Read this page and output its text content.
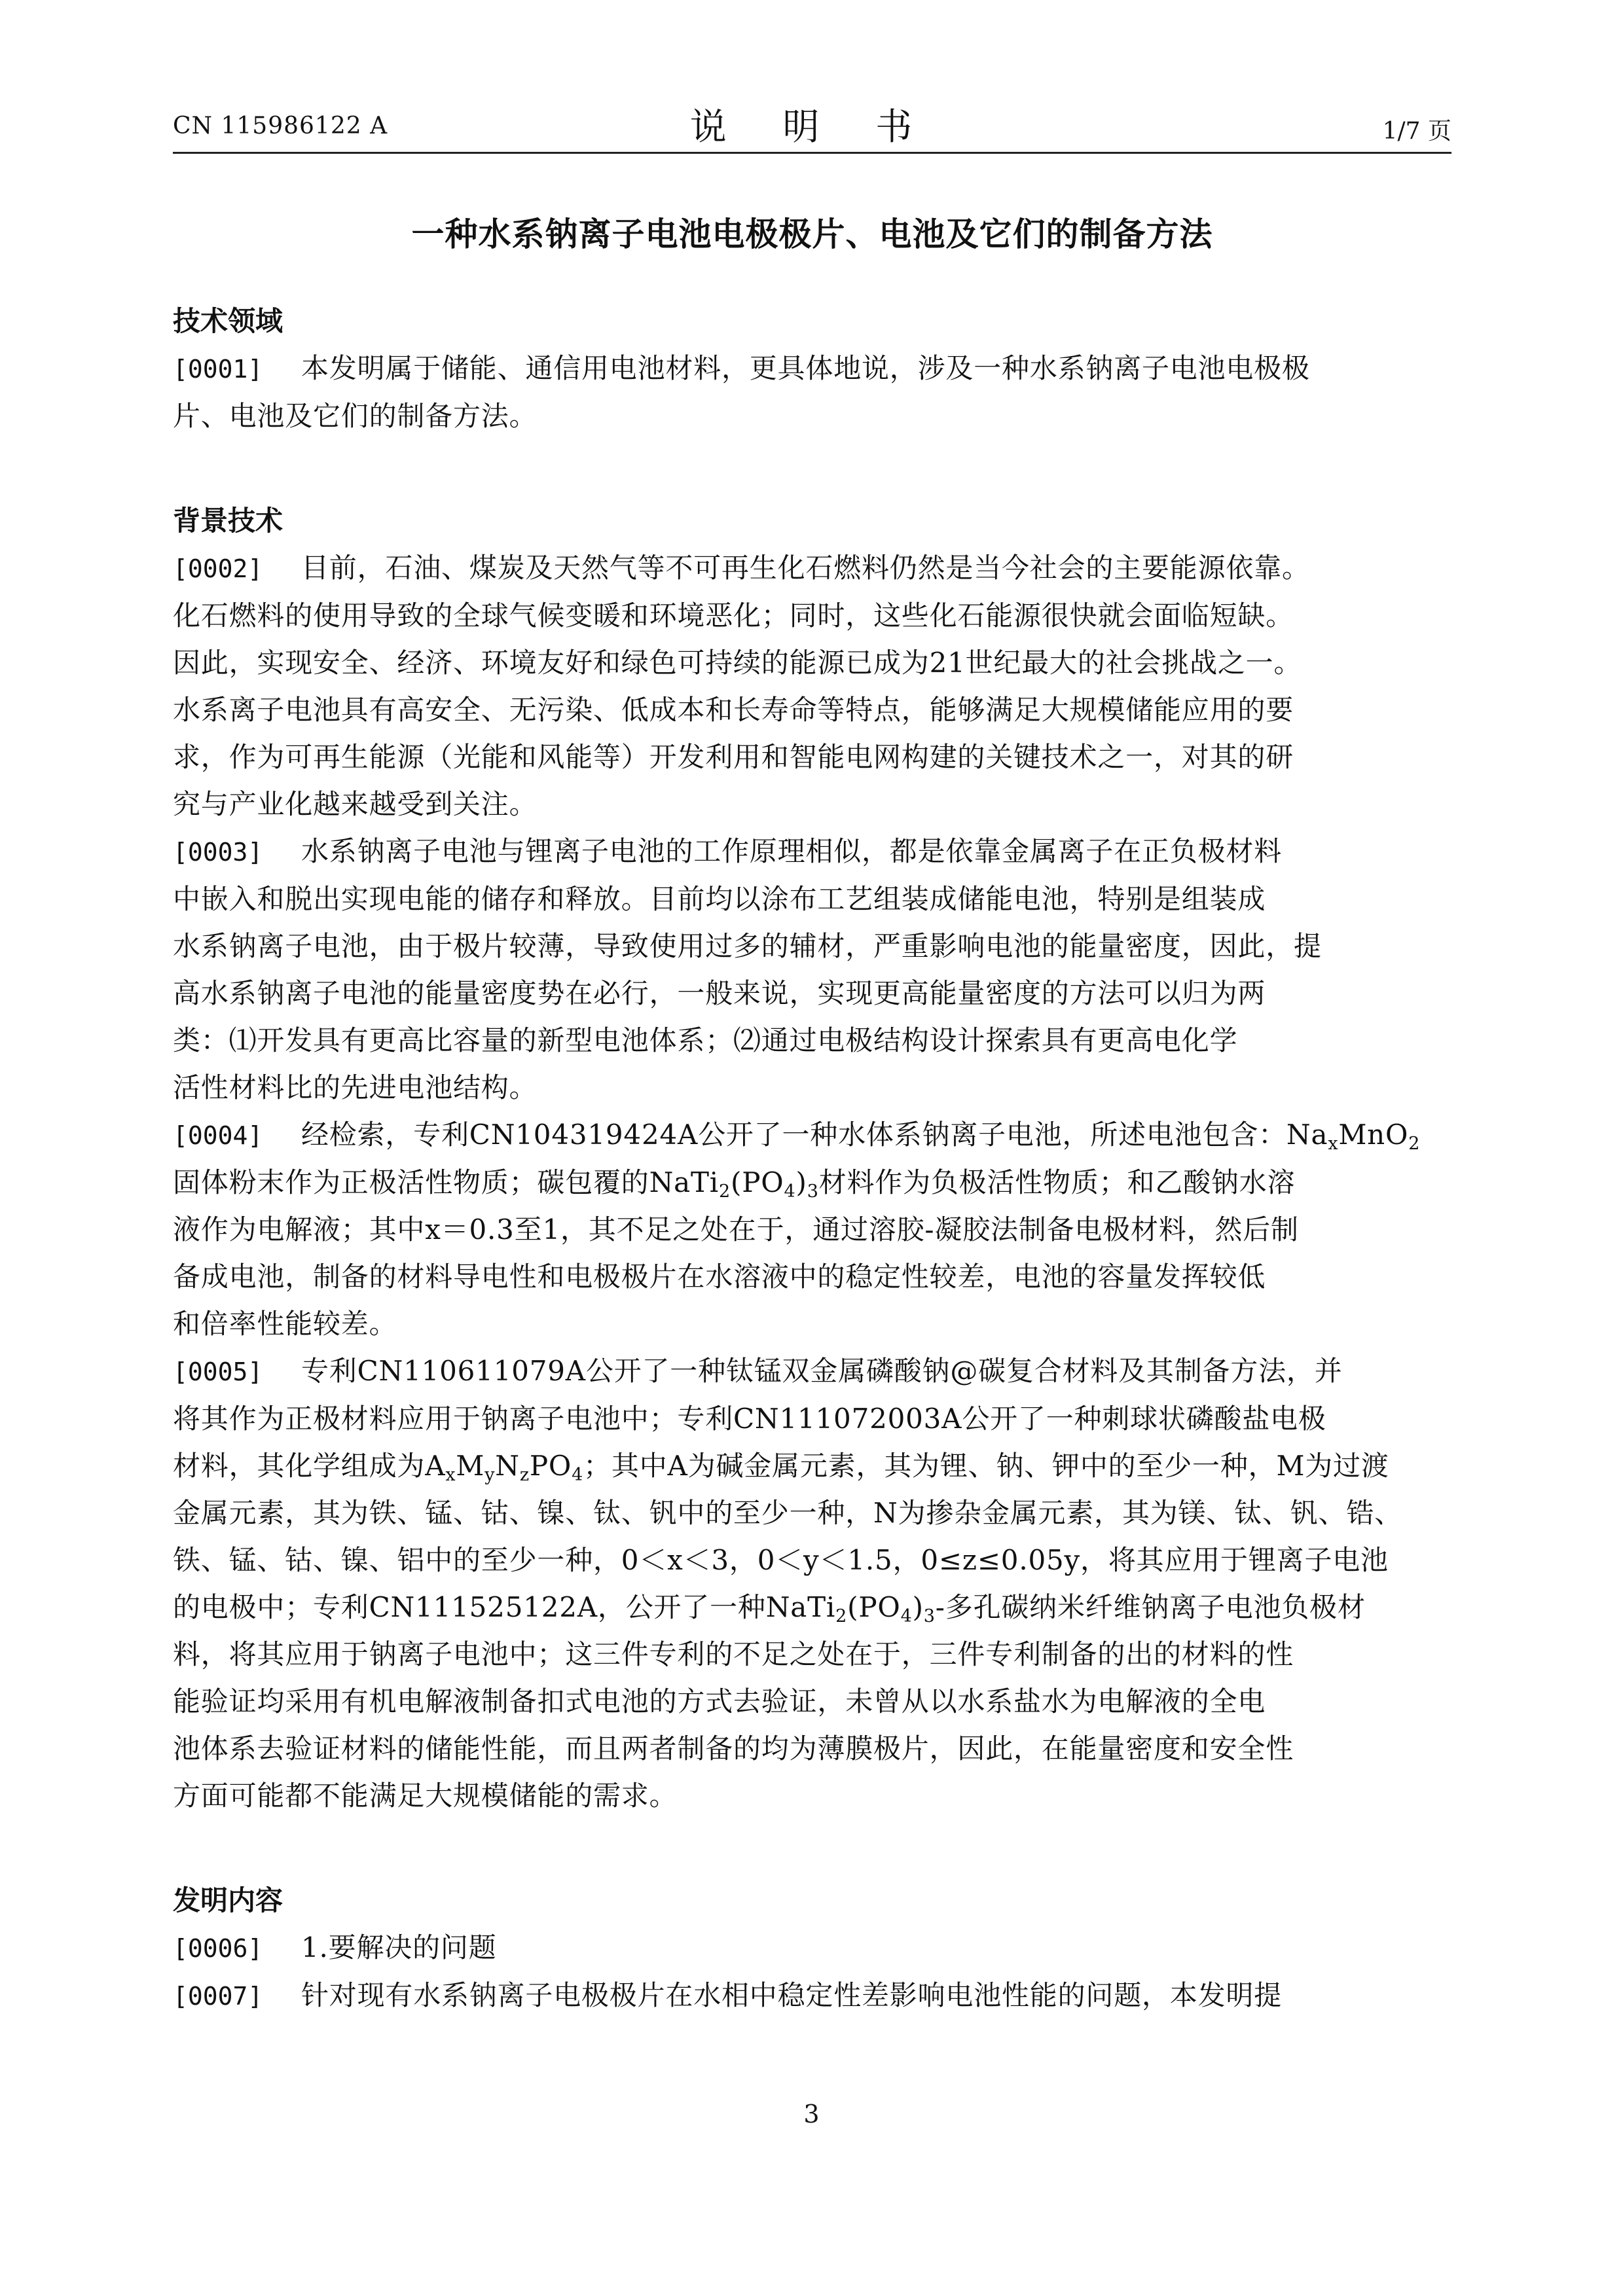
CN 115986122 A	说 明 书	1/7 页
一种水系钠离子电池电极极片、电池及它们的制备方法
技术领域
[0001] 本发明属于储能、通信用电池材料，更具体地说，涉及一种水系钠离子电池电极极
片、电池及它们的制备方法。
背景技术
[0002] 目前，石油、煤炭及天然气等不可再生化石燃料仍然是当今社会的主要能源依靠。
化石燃料的使用导致的全球气候变暖和环境恶化；同时，这些化石能源很快就会面临短缺。
因此，实现安全、经济、环境友好和绿色可持续的能源已成为21世纪最大的社会挑战之一。
水系离子电池具有高安全、无污染、低成本和长寿命等特点，能够满足大规模储能应用的要
求，作为可再生能源（光能和风能等）开发利用和智能电网构建的关键技术之一，对其的研
究与产业化越来越受到关注。
[0003] 水系钠离子电池与锂离子电池的工作原理相似，都是依靠金属离子在正负极材料
中嵌入和脱出实现电能的储存和释放。目前均以涂布工艺组装成储能电池，特别是组装成
水系钠离子电池，由于极片较薄，导致使用过多的辅材，严重影响电池的能量密度，因此，提
高水系钠离子电池的能量密度势在必行，一般来说，实现更高能量密度的方法可以归为两
类：⑴开发具有更高比容量的新型电池体系；⑵通过电极结构设计探索具有更高电化学
活性材料比的先进电池结构。
[0004] 经检索，专利CN104319424A公开了一种水体系钠离子电池，所述电池包含：$Na_xMnO_2$
固体粉末作为正极活性物质；碳包覆的$NaTi_2(PO_4)_3$材料作为负极活性物质；和乙酸钠水溶
液作为电解液；其中x＝0.3至1，其不足之处在于，通过溶胶-凝胶法制备电极材料，然后制
备成电池，制备的材料导电性和电极极片在水溶液中的稳定性较差，电池的容量发挥较低
和倍率性能较差。
[0005] 专利CN110611079A公开了一种钛锰双金属磷酸钠@碳复合材料及其制备方法，并
将其作为正极材料应用于钠离子电池中；专利CN111072003A公开了一种刺球状磷酸盐电极
材料，其化学组成为$A_xM_yN_zPO_4$；其中A为碱金属元素，其为锂、钠、钾中的至少一种，M为过渡
金属元素，其为铁、锰、钴、镍、钛、钒中的至少一种，N为掺杂金属元素，其为镁、钛、钒、锆、
铁、锰、钴、镍、铝中的至少一种，0＜x＜3，0＜y＜1.5，0≤z≤0.05y，将其应用于锂离子电池
的电极中；专利CN111525122A，公开了一种$NaTi_2(PO_4)_3-$多孔碳纳米纤维钠离子电池负极材
料，将其应用于钠离子电池中；这三件专利的不足之处在于，三件专利制备的出的材料的性
能验证均采用有机电解液制备扣式电池的方式去验证，未曾从以水系盐水为电解液的全电
池体系去验证材料的储能性能，而且两者制备的均为薄膜极片，因此，在能量密度和安全性
方面可能都不能满足大规模储能的需求。
发明内容
[0006] 1.要解决的问题
[0007] 针对现有水系钠离子电极极片在水相中稳定性差影响电池性能的问题，本发明提
3
